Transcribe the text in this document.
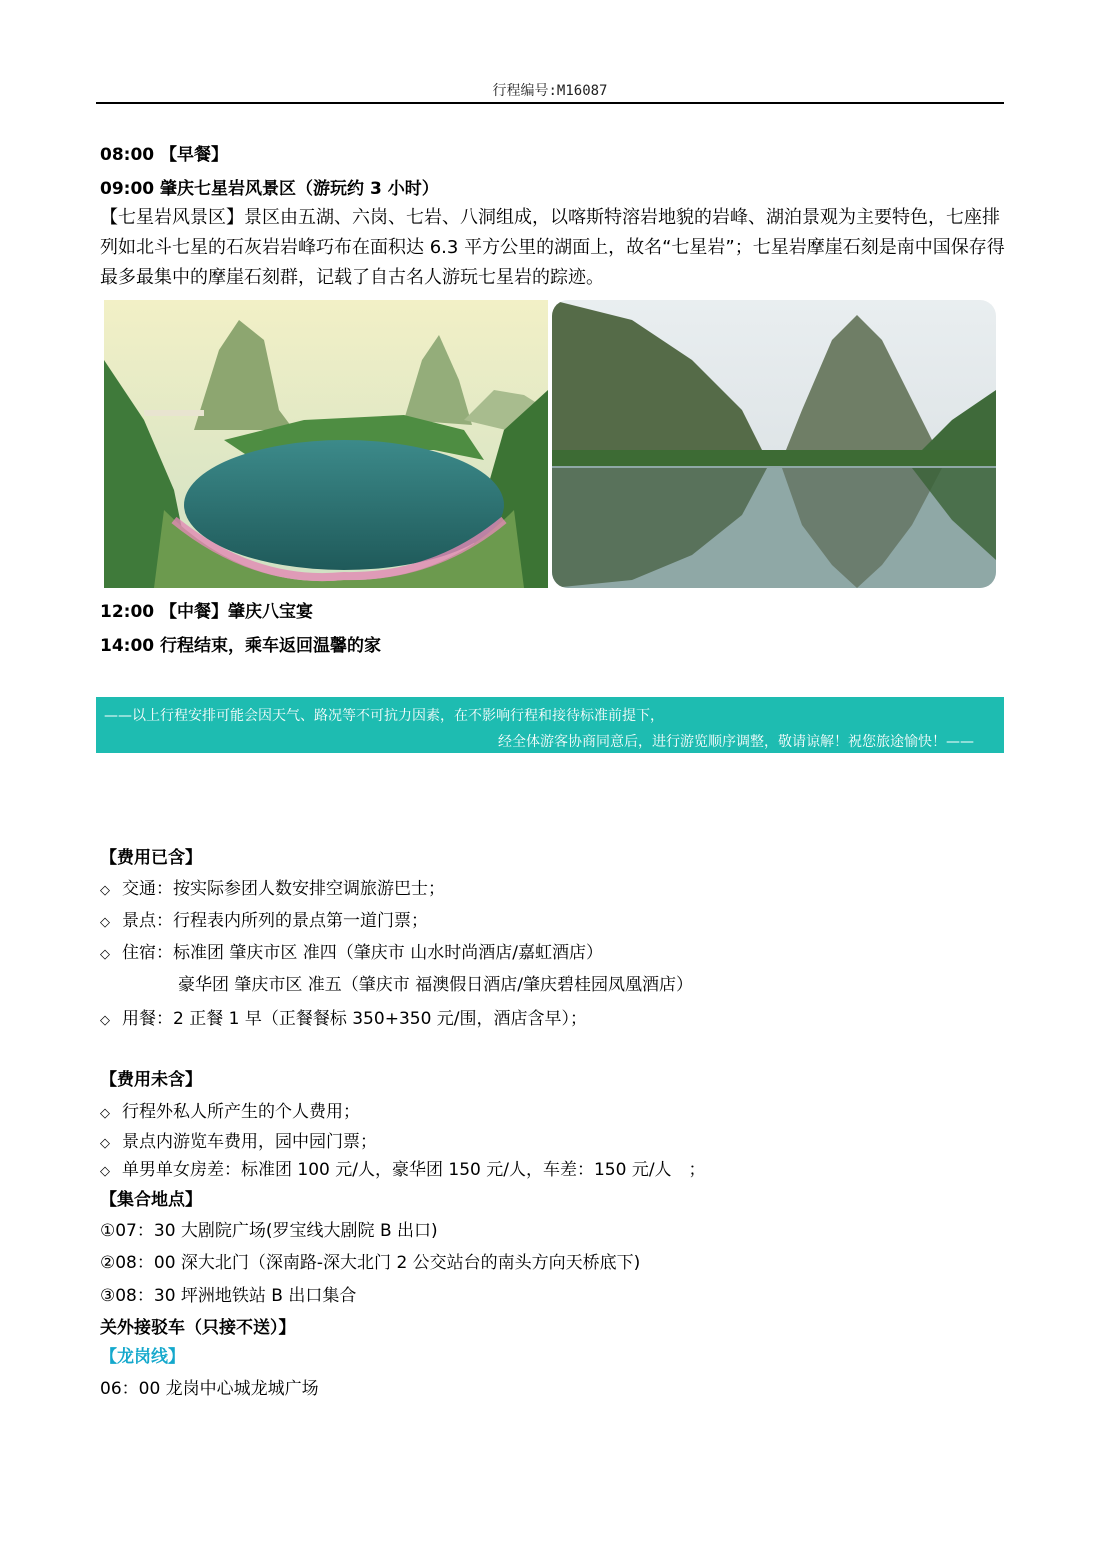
行程编号:M16087
08:00 【早餐】
09:00 肇庆七星岩风景区（游玩约 3 小时）
【七星岩风景区】景区由五湖、六岗、七岩、八洞组成，以喀斯特溶岩地貌的岩峰、湖泊景观为主要特色，七座排列如北斗七星的石灰岩岩峰巧布在面积达 6.3 平方公里的湖面上，故名“七星岩”；七星岩摩崖石刻是南中国保存得最多最集中的摩崖石刻群，记载了自古名人游玩七星岩的踪迹。
12:00 【中餐】肇庆八宝宴
14:00 行程结束，乘车返回温馨的家
——以上行程安排可能会因天气、路况等不可抗力因素，在不影响行程和接待标准前提下，
经全体游客协商同意后，进行游览顺序调整，敬请谅解！祝您旅途愉快！——
【费用已含】
◇ 交通：按实际参团人数安排空调旅游巴士；
◇ 景点：行程表内所列的景点第一道门票；
◇ 住宿：标准团 肇庆市区 准四（肇庆市 山水时尚酒店/嘉虹酒店）
豪华团 肇庆市区 准五（肇庆市 福澳假日酒店/肇庆碧桂园凤凰酒店）
◇ 用餐：2 正餐 1 早（正餐餐标 350+350 元/围，酒店含早）；
【费用未含】
◇ 行程外私人所产生的个人费用；
◇ 景点内游览车费用，园中园门票；
◇ 单男单女房差：标准团 100 元/人，豪华团 150 元/人，车差：150 元/人　；
【集合地点】
①07：30 大剧院广场(罗宝线大剧院 B 出口)
②08：00 深大北门（深南路-深大北门 2 公交站台的南头方向天桥底下)
③08：30 坪洲地铁站 B 出口集合
关外接驳车（只接不送）】
【龙岗线】
06：00 龙岗中心城龙城广场
